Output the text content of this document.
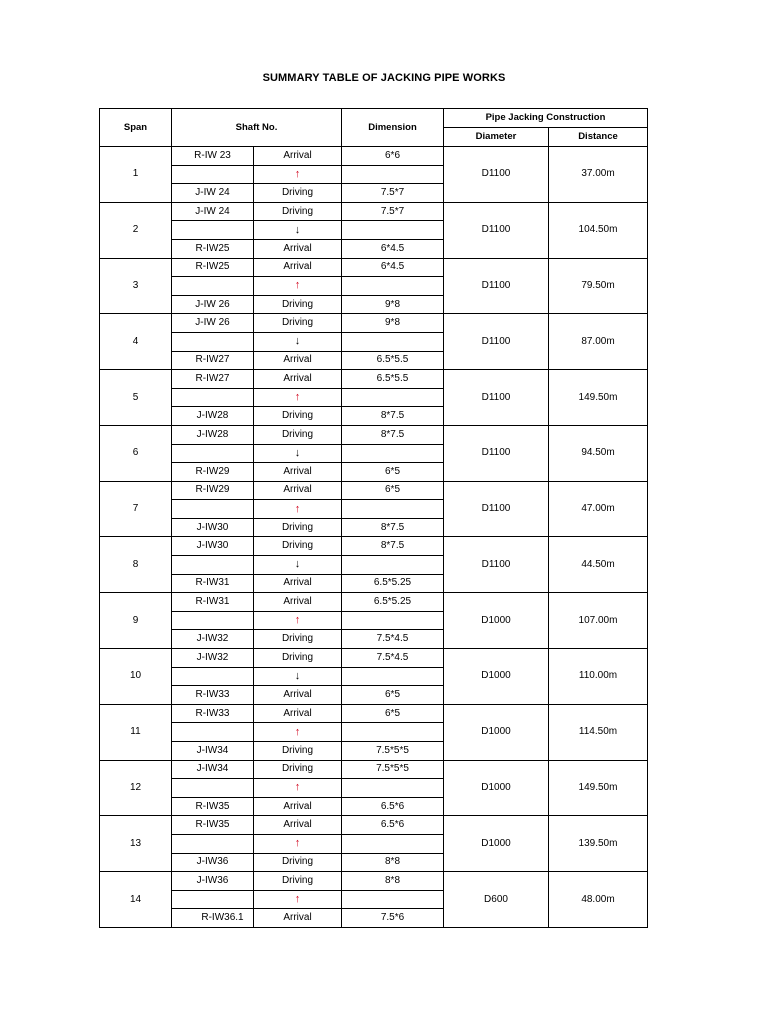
SUMMARY TABLE OF JACKING PIPE WORKS
Span	Shaft No.		Dimension	Pipe Jacking Construction	
				Diameter	Distance
1	R-IW 23	Arrival	6*6	D1100	37.00m
		↑			
	J-IW 24	Driving	7.5*7		
2	J-IW 24	Driving	7.5*7	D1100	104.50m
		↓			
	R-IW25	Arrival	6*4.5		
3	R-IW25	Arrival	6*4.5	D1100	79.50m
		↑			
	J-IW 26	Driving	9*8		
4	J-IW 26	Driving	9*8	D1100	87.00m
		↓			
	R-IW27	Arrival	6.5*5.5		
5	R-IW27	Arrival	6.5*5.5	D1100	149.50m
		↑			
	J-IW28	Driving	8*7.5		
6	J-IW28	Driving	8*7.5	D1100	94.50m
		↓			
	R-IW29	Arrival	6*5		
7	R-IW29	Arrival	6*5	D1100	47.00m
		↑			
	J-IW30	Driving	8*7.5		
8	J-IW30	Driving	8*7.5	D1100	44.50m
		↓			
	R-IW31	Arrival	6.5*5.25		
9	R-IW31	Arrival	6.5*5.25	D1000	107.00m
		↑			
	J-IW32	Driving	7.5*4.5		
10	J-IW32	Driving	7.5*4.5	D1000	110.00m
		↓			
	R-IW33	Arrival	6*5		
11	R-IW33	Arrival	6*5	D1000	114.50m
		↑			
	J-IW34	Driving	7.5*5*5		
12	J-IW34	Driving	7.5*5*5	D1000	149.50m
		↑			
	R-IW35	Arrival	6.5*6		
13	R-IW35	Arrival	6.5*6	D1000	139.50m
		↑			
	J-IW36	Driving	8*8		
14	J-IW36	Driving	8*8	D600	48.00m
		↑			
	R-IW36.1	Arrival	7.5*6		
